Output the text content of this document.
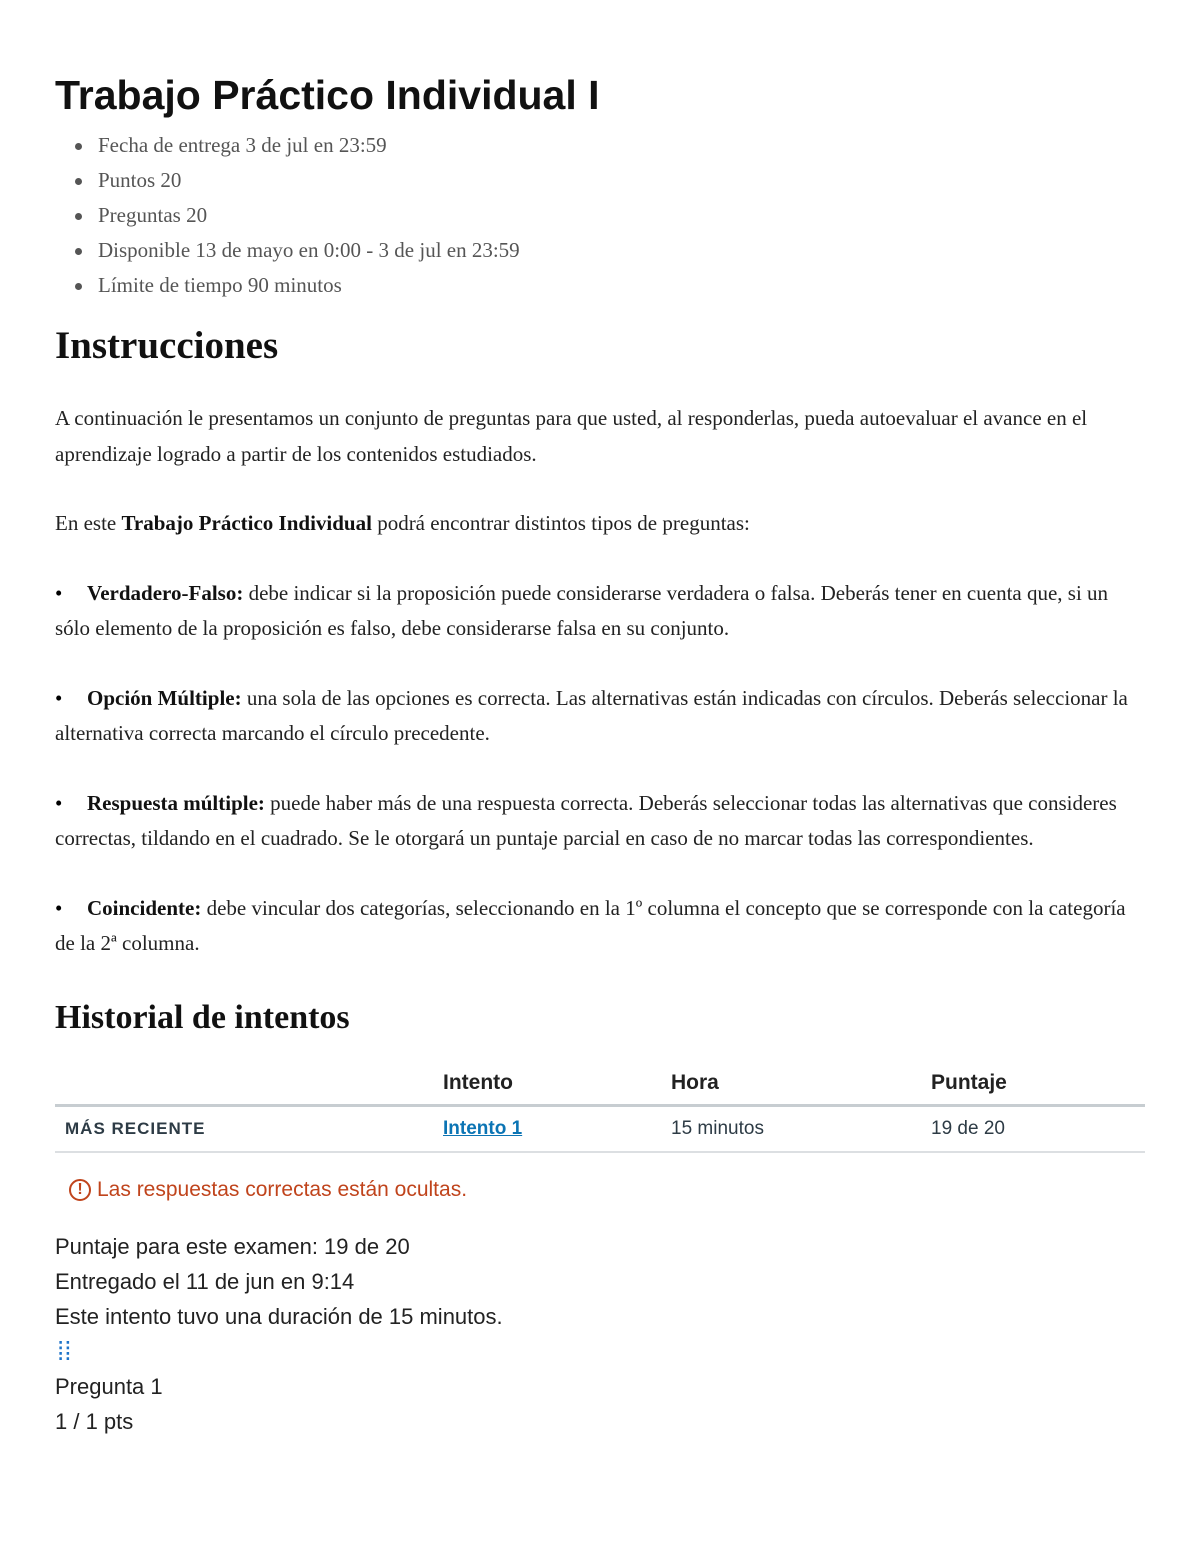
Trabajo Práctico Individual I
Fecha de entrega 3 de jul en 23:59
Puntos 20
Preguntas 20
Disponible 13 de mayo en 0:00 - 3 de jul en 23:59
Límite de tiempo 90 minutos
Instrucciones

A continuación le presentamos un conjunto de preguntas para que usted, al responderlas, pueda autoevaluar el avance en el aprendizaje logrado a partir de los contenidos estudiados.

En este Trabajo Práctico Individual podrá encontrar distintos tipos de preguntas:

• Verdadero-Falso: debe indicar si la proposición puede considerarse verdadera o falsa. Deberás tener en cuenta que, si un sólo elemento de la proposición es falso, debe considerarse falsa en su conjunto.

• Opción Múltiple: una sola de las opciones es correcta. Las alternativas están indicadas con círculos. Deberás seleccionar la alternativa correcta marcando el círculo precedente.

• Respuesta múltiple: puede haber más de una respuesta correcta. Deberás seleccionar todas las alternativas que consideres correctas, tildando en el cuadrado. Se le otorgará un puntaje parcial en caso de no marcar todas las correspondientes.

• Coincidente: debe vincular dos categorías, seleccionando en la 1º columna el concepto que se corresponde con la categoría de la 2ª columna.

Historial de intentos
	Intento	Hora	Puntaje
MÁS RECIENTE	Intento 1	15 minutos	19 de 20
! Las respuestas correctas están ocultas.
Puntaje para este examen: 19 de 20
Entregado el 11 de jun en 9:14
Este intento tuvo una duración de 15 minutos.
⁞⁞
Pregunta 1
1 / 1 pts
